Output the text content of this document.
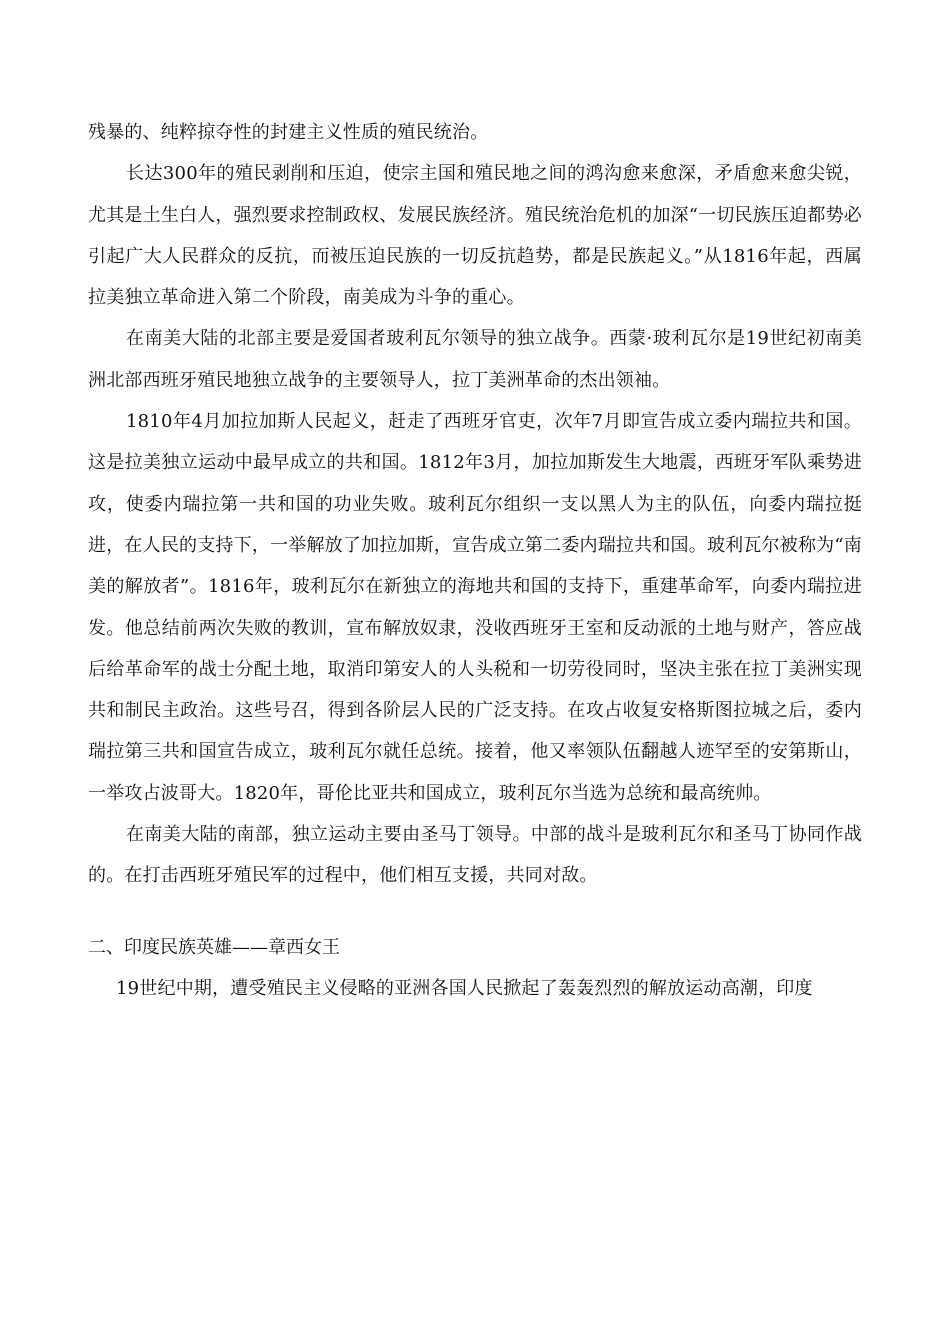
残暴的、纯粹掠夺性的封建主义性质的殖民统治。

长达300年的殖民剥削和压迫，使宗主国和殖民地之间的鸿沟愈来愈深，矛盾愈来愈尖锐，尤其是土生白人，强烈要求控制政权、发展民族经济。殖民统治危机的加深“一切民族压迫都势必引起广大人民群众的反抗，而被压迫民族的一切反抗趋势，都是民族起义。”从1816年起，西属拉美独立革命进入第二个阶段，南美成为斗争的重心。

在南美大陆的北部主要是爱国者玻利瓦尔领导的独立战争。西蒙·玻利瓦尔是19世纪初南美洲北部西班牙殖民地独立战争的主要领导人，拉丁美洲革命的杰出领袖。

1810年4月加拉加斯人民起义，赶走了西班牙官吏，次年7月即宣告成立委内瑞拉共和国。这是拉美独立运动中最早成立的共和国。1812年3月，加拉加斯发生大地震，西班牙军队乘势进攻，使委内瑞拉第一共和国的功业失败。玻利瓦尔组织一支以黑人为主的队伍，向委内瑞拉挺进，在人民的支持下，一举解放了加拉加斯，宣告成立第二委内瑞拉共和国。玻利瓦尔被称为“南美的解放者”。1816年，玻利瓦尔在新独立的海地共和国的支持下，重建革命军，向委内瑞拉进发。他总结前两次失败的教训，宣布解放奴隶，没收西班牙王室和反动派的土地与财产，答应战后给革命军的战士分配土地，取消印第安人的人头税和一切劳役同时，坚决主张在拉丁美洲实现共和制民主政治。这些号召，得到各阶层人民的广泛支持。在攻占收复安格斯图拉城之后，委内瑞拉第三共和国宣告成立，玻利瓦尔就任总统。接着，他又率领队伍翻越人迹罕至的安第斯山，一举攻占波哥大。1820年，哥伦比亚共和国成立，玻利瓦尔当选为总统和最高统帅。

在南美大陆的南部，独立运动主要由圣马丁领导。中部的战斗是玻利瓦尔和圣马丁协同作战的。在打击西班牙殖民军的过程中，他们相互支援，共同对敌。

二、印度民族英雄——章西女王

19世纪中期，遭受殖民主义侵略的亚洲各国人民掀起了轰轰烈烈的解放运动高潮，印度
